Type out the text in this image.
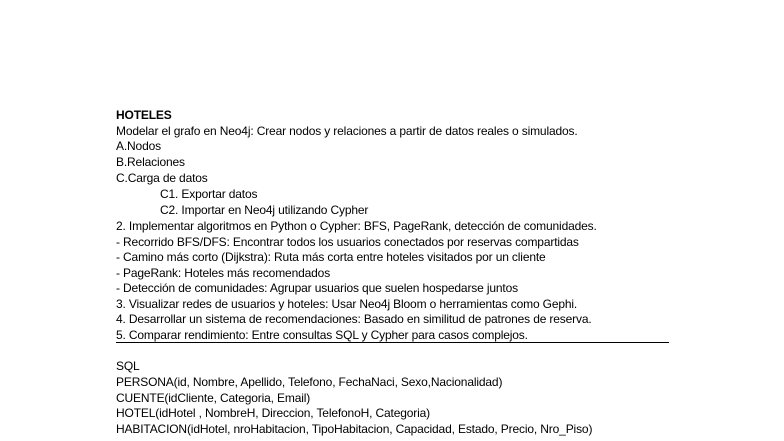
HOTELES
Modelar el grafo en Neo4j: Crear nodos y relaciones a partir de datos reales o simulados.
A.Nodos
B.Relaciones
C.Carga de datos
C1. Exportar datos
C2. Importar en Neo4j utilizando Cypher
2. Implementar algoritmos en Python o Cypher: BFS, PageRank, detección de comunidades.
- Recorrido BFS/DFS: Encontrar todos los usuarios conectados por reservas compartidas
- Camino más corto (Dijkstra): Ruta más corta entre hoteles visitados por un cliente
- PageRank: Hoteles más recomendados
- Detección de comunidades: Agrupar usuarios que suelen hospedarse juntos
3. Visualizar redes de usuarios y hoteles: Usar Neo4j Bloom o herramientas como Gephi.
4. Desarrollar un sistema de recomendaciones: Basado en similitud de patrones de reserva.
5. Comparar rendimiento: Entre consultas SQL y Cypher para casos complejos.
SQL
PERSONA(id, Nombre, Apellido, Telefono, FechaNaci, Sexo,Nacionalidad)
CUENTE(idCliente, Categoria, Email)
HOTEL(idHotel , NombreH, Direccion, TelefonoH, Categoria)
HABITACION(idHotel, nroHabitacion, TipoHabitacion, Capacidad, Estado, Precio, Nro_Piso)
